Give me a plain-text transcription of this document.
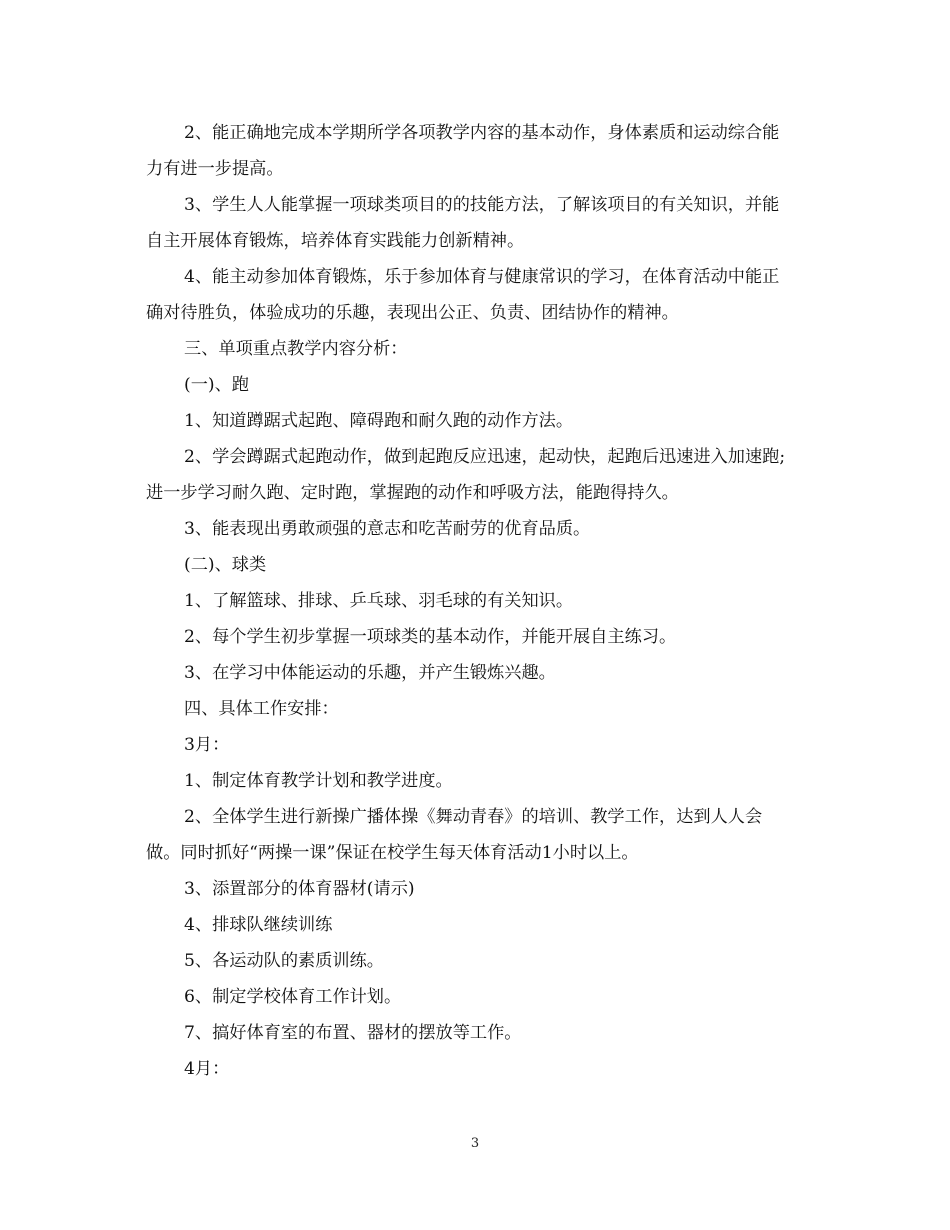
2、能正确地完成本学期所学各项教学内容的基本动作，身体素质和运动综合能　力有进一步提高。

3、学生人人能掌握一项球类项目的的技能方法，了解该项目的有关知识，并能自主开展体育锻炼，培养体育实践能力创新精神。

4、能主动参加体育锻炼，乐于参加体育与健康常识的学习，在体育活动中能正确对待胜负，体验成功的乐趣，表现出公正、负责、团结协作的精神。

三、单项重点教学内容分析：

(一)、跑

1、知道蹲踞式起跑、障碍跑和耐久跑的动作方法。

2、学会蹲踞式起跑动作，做到起跑反应迅速，起动快，起跑后迅速进入加速跑;进一步学习耐久跑、定时跑，掌握跑的动作和呼吸方法，能跑得持久。

3、能表现出勇敢顽强的意志和吃苦耐劳的优育品质。

(二)、球类

1、了解篮球、排球、乒乓球、羽毛球的有关知识。

2、每个学生初步掌握一项球类的基本动作，并能开展自主练习。

3、在学习中体能运动的乐趣，并产生锻炼兴趣。

四、具体工作安排：

3月：

1、制定体育教学计划和教学进度。

2、全体学生进行新操广播体操《舞动青春》的培训、教学工作，达到人人会做。同时抓好“两操一课”保证在校学生每天体育活动1小时以上。

3、添置部分的体育器材(请示)

4、排球队继续训练

5、各运动队的素质训练。

6、制定学校体育工作计划。

7、搞好体育室的布置、器材的摆放等工作。

4月：

3
